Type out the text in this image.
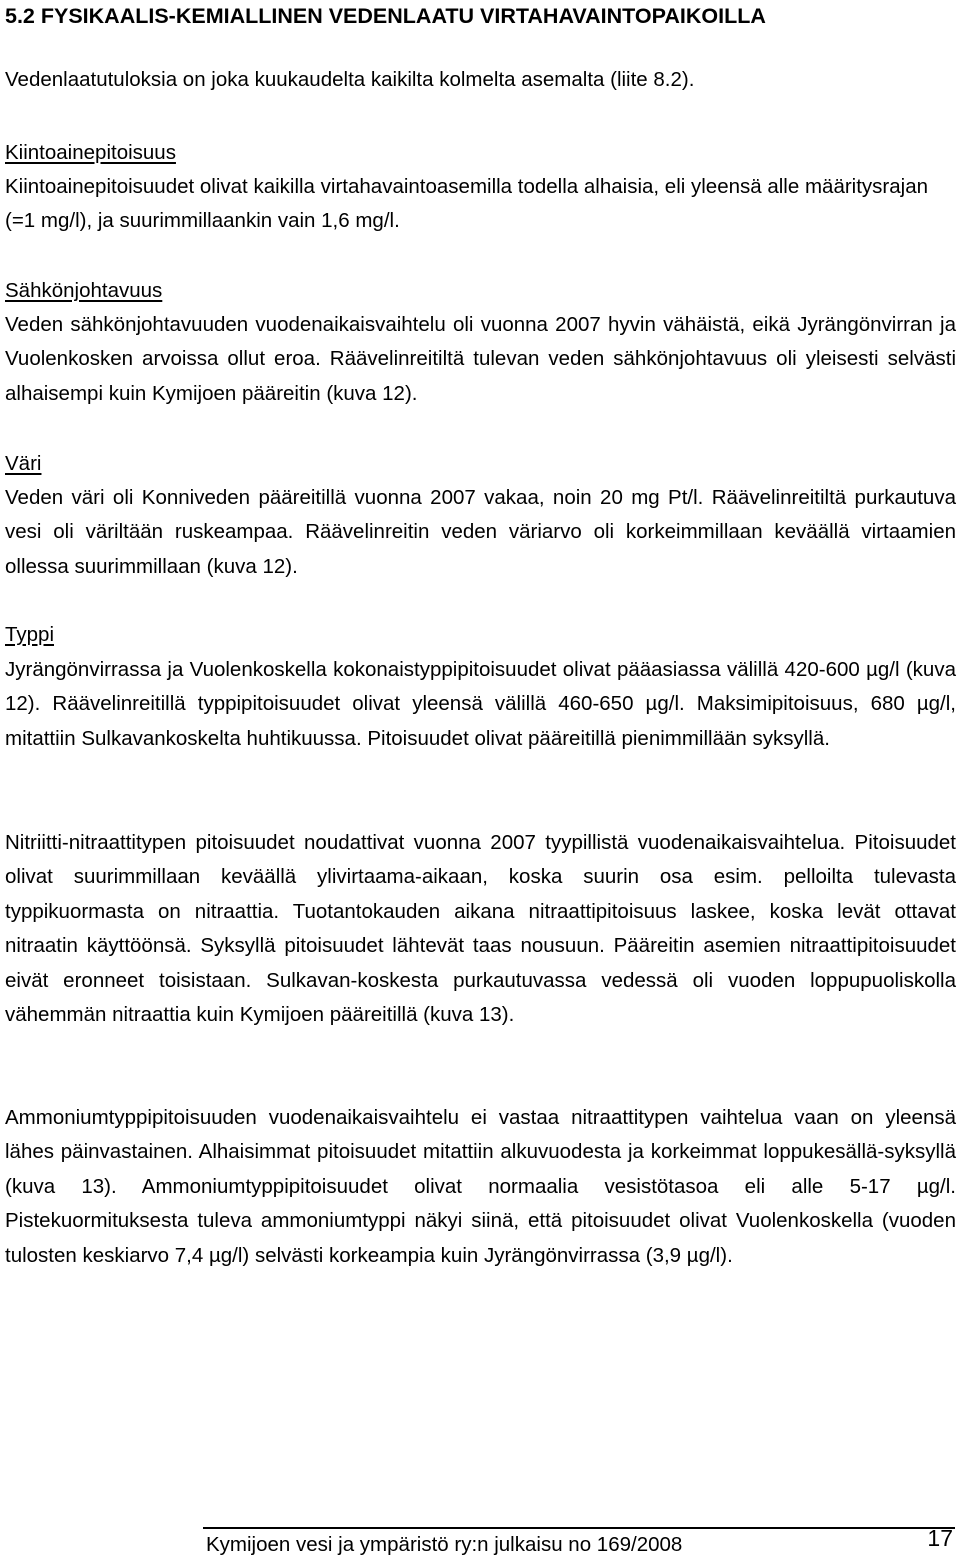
5.2 FYSIKAALIS-KEMIALLINEN VEDENLAATU VIRTAHAVAINTOPAIKOILLA

Vedenlaatutuloksia on joka kuukaudelta kaikilta kolmelta asemalta (liite 8.2).

Kiintoainepitoisuus

Kiintoainepitoisuudet olivat kaikilla virtahavaintoasemilla todella alhaisia, eli yleensä alle määritysrajan (=1 mg/l), ja suurimmillaankin vain 1,6 mg/l.

Sähkönjohtavuus

Veden sähkönjohtavuuden vuodenaikaisvaihtelu oli vuonna 2007 hyvin vähäistä, eikä Jyrängönvirran ja Vuolenkosken arvoissa ollut eroa. Räävelinreitiltä tulevan veden sähkönjohtavuus oli yleisesti selvästi alhaisempi kuin Kymijoen pääreitin (kuva 12).

Väri

Veden väri oli Konniveden pääreitillä vuonna 2007 vakaa, noin 20 mg Pt/l. Räävelinreitiltä purkautuva vesi oli väriltään ruskeampaa. Räävelinreitin veden väriarvo oli korkeimmillaan keväällä virtaamien ollessa suurimmillaan (kuva 12).

Typpi

Jyrängönvirrassa ja Vuolenkoskella kokonaistyppipitoisuudet olivat pääasiassa välillä 420-600 µg/l (kuva 12). Räävelinreitillä typpipitoisuudet olivat yleensä välillä 460-650 µg/l. Maksimipitoisuus, 680 µg/l, mitattiin Sulkavankoskelta huhtikuussa. Pitoisuudet olivat pääreitillä pienimmillään syksyllä.

Nitriitti-nitraattitypen pitoisuudet noudattivat vuonna 2007 tyypillistä vuodenaikaisvaihtelua. Pitoisuudet olivat suurimmillaan keväällä ylivirtaama-aikaan, koska suurin osa esim. pelloilta tulevasta typpikuormasta on nitraattia. Tuotantokauden aikana nitraattipitoisuus laskee, koska levät ottavat nitraatin käyttöönsä. Syksyllä pitoisuudet lähtevät taas nousuun. Pääreitin asemien nitraattipitoisuudet eivät eronneet toisistaan. Sulkavan-koskesta purkautuvassa vedessä oli vuoden loppupuoliskolla vähemmän nitraattia kuin Kymijoen pääreitillä (kuva 13).

Ammoniumtyppipitoisuuden vuodenaikaisvaihtelu ei vastaa nitraattitypen vaihtelua vaan on yleensä lähes päinvastainen. Alhaisimmat pitoisuudet mitattiin alkuvuodesta ja korkeimmat loppukesällä-syksyllä (kuva 13). Ammoniumtyppipitoisuudet olivat normaalia vesistötasoa eli alle 5-17 µg/l. Pistekuormituksesta tuleva ammoniumtyppi näkyi siinä, että pitoisuudet olivat Vuolenkoskella (vuoden tulosten keskiarvo 7,4 µg/l) selvästi korkeampia kuin Jyrängönvirrassa (3,9 µg/l).

Kymijoen vesi ja ympäristö ry:n julkaisu no 169/2008	17
